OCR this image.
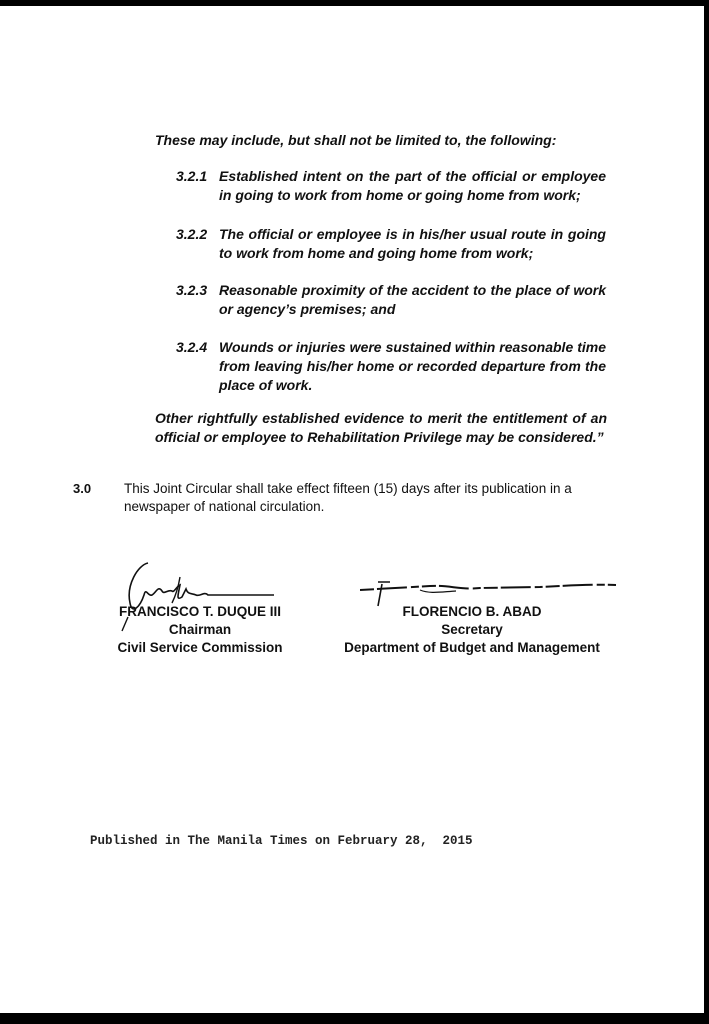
These may include, but shall not be limited to, the following:
3.2.1 Established intent on the part of the official or employee in going to work from home or going home from work;
3.2.2 The official or employee is in his/her usual route in going to work from home and going home from work;
3.2.3 Reasonable proximity of the accident to the place of work or agency’s premises; and
3.2.4 Wounds or injuries were sustained within reasonable time from leaving his/her home or recorded departure from the place of work.
Other rightfully established evidence to merit the entitlement of an official or employee to Rehabilitation Privilege may be considered.”
3.0 This Joint Circular shall take effect fifteen (15) days after its publication in a newspaper of national circulation.
FRANCISCO T. DUQUE III
Chairman
Civil Service Commission
FLORENCIO B. ABAD
Secretary
Department of Budget and Management
Published in The Manila Times on February 28,  2015
